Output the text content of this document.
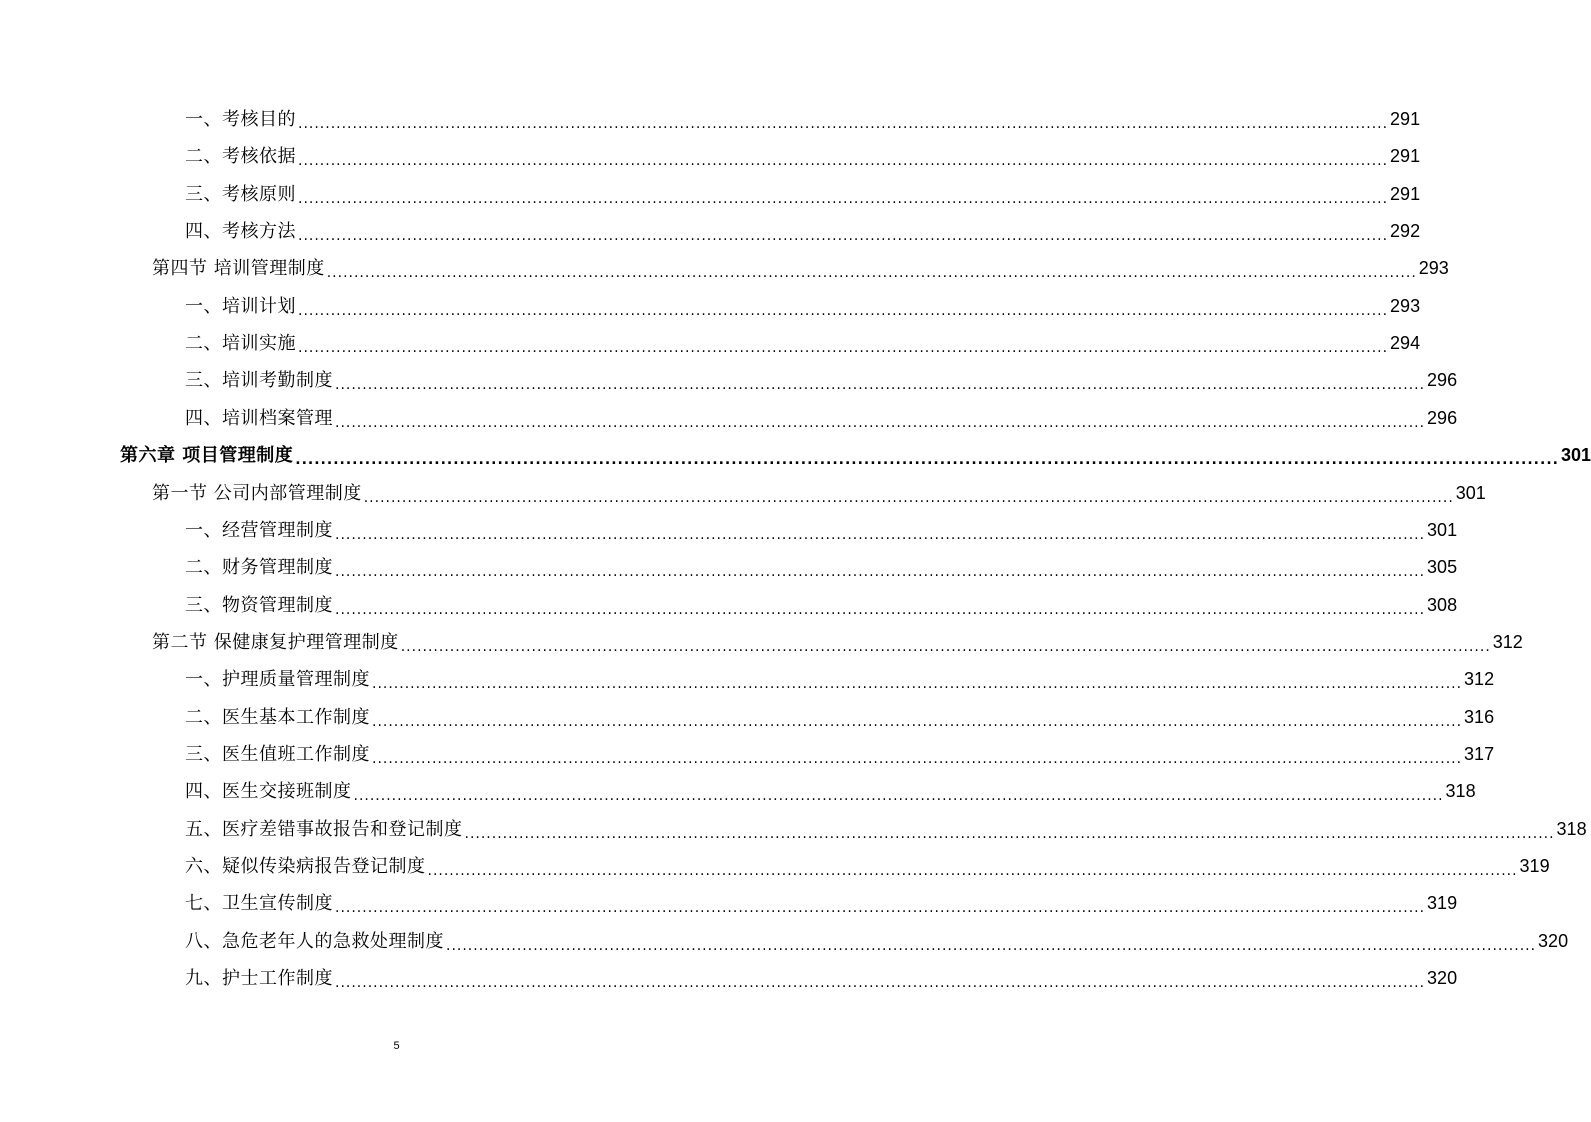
一、考核目的 ........................................................................................................................................................................................................ 291
二、考核依据 ........................................................................................................................................................................................................ 291
三、考核原则 ........................................................................................................................................................................................................ 291
四、考核方法 ........................................................................................................................................................................................................ 292
第四节 培训管理制度 ........................................................................................................................................................................................................ 293
一、培训计划 ........................................................................................................................................................................................................ 293
二、培训实施 ........................................................................................................................................................................................................ 294
三、培训考勤制度 ........................................................................................................................................................................................................ 296
四、培训档案管理 ........................................................................................................................................................................................................ 296
第六章 项目管理制度 ........................................................................................................................................................................................................ 301
第一节 公司内部管理制度 ........................................................................................................................................................................................................ 301
一、经营管理制度 ........................................................................................................................................................................................................ 301
二、财务管理制度 ........................................................................................................................................................................................................ 305
三、物资管理制度 ........................................................................................................................................................................................................ 308
第二节 保健康复护理管理制度 ........................................................................................................................................................................................................ 312
一、护理质量管理制度 ........................................................................................................................................................................................................ 312
二、医生基本工作制度 ........................................................................................................................................................................................................ 316
三、医生值班工作制度 ........................................................................................................................................................................................................ 317
四、医生交接班制度 ........................................................................................................................................................................................................ 318
五、医疗差错事故报告和登记制度 ........................................................................................................................................................................................................ 318
六、疑似传染病报告登记制度 ........................................................................................................................................................................................................ 319
七、卫生宣传制度 ........................................................................................................................................................................................................ 319
八、急危老年人的急救处理制度 ........................................................................................................................................................................................................ 320
九、护士工作制度 ........................................................................................................................................................................................................ 320
5
